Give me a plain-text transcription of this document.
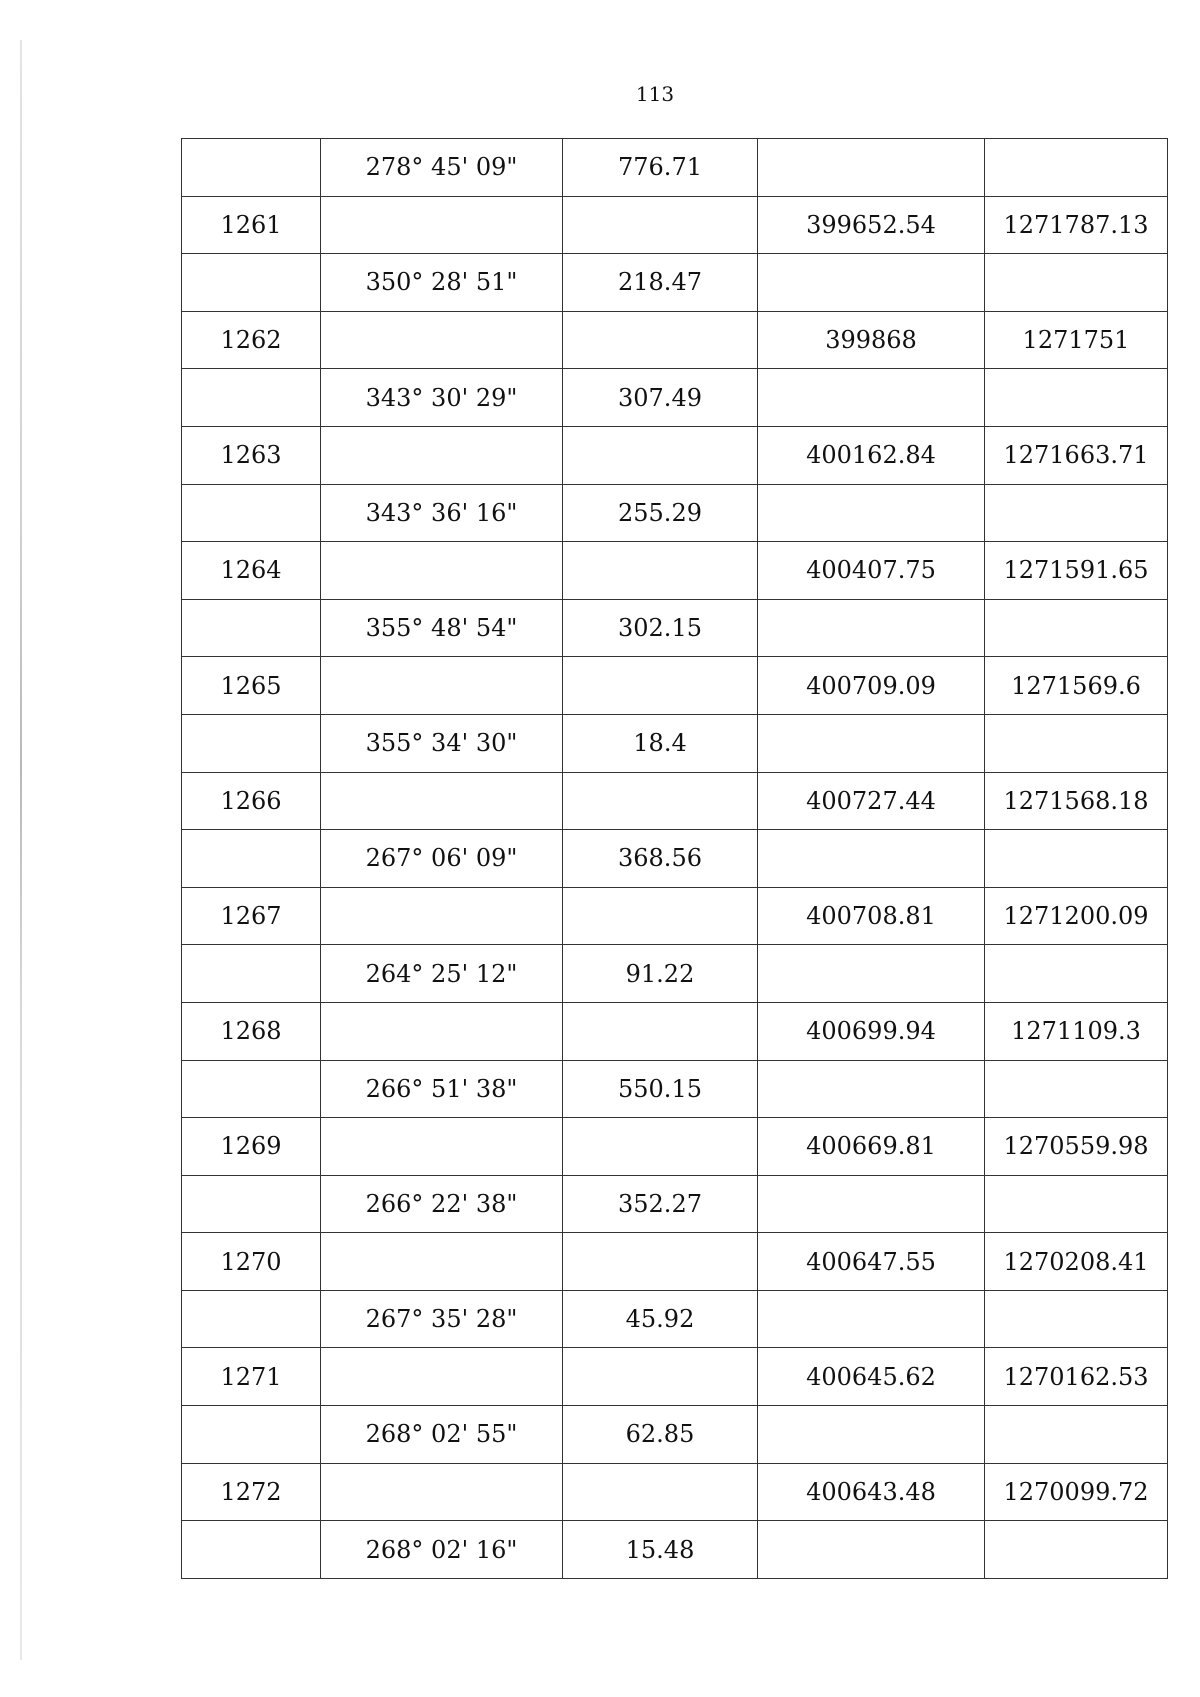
113
	278° 45' 09"	776.71		
1261			399652.54	1271787.13
	350° 28' 51"	218.47		
1262			399868	1271751
	343° 30' 29"	307.49		
1263			400162.84	1271663.71
	343° 36' 16"	255.29		
1264			400407.75	1271591.65
	355° 48' 54"	302.15		
1265			400709.09	1271569.6
	355° 34' 30"	18.4		
1266			400727.44	1271568.18
	267° 06' 09"	368.56		
1267			400708.81	1271200.09
	264° 25' 12"	91.22		
1268			400699.94	1271109.3
	266° 51' 38"	550.15		
1269			400669.81	1270559.98
	266° 22' 38"	352.27		
1270			400647.55	1270208.41
	267° 35' 28"	45.92		
1271			400645.62	1270162.53
	268° 02' 55"	62.85		
1272			400643.48	1270099.72
	268° 02' 16"	15.48		
